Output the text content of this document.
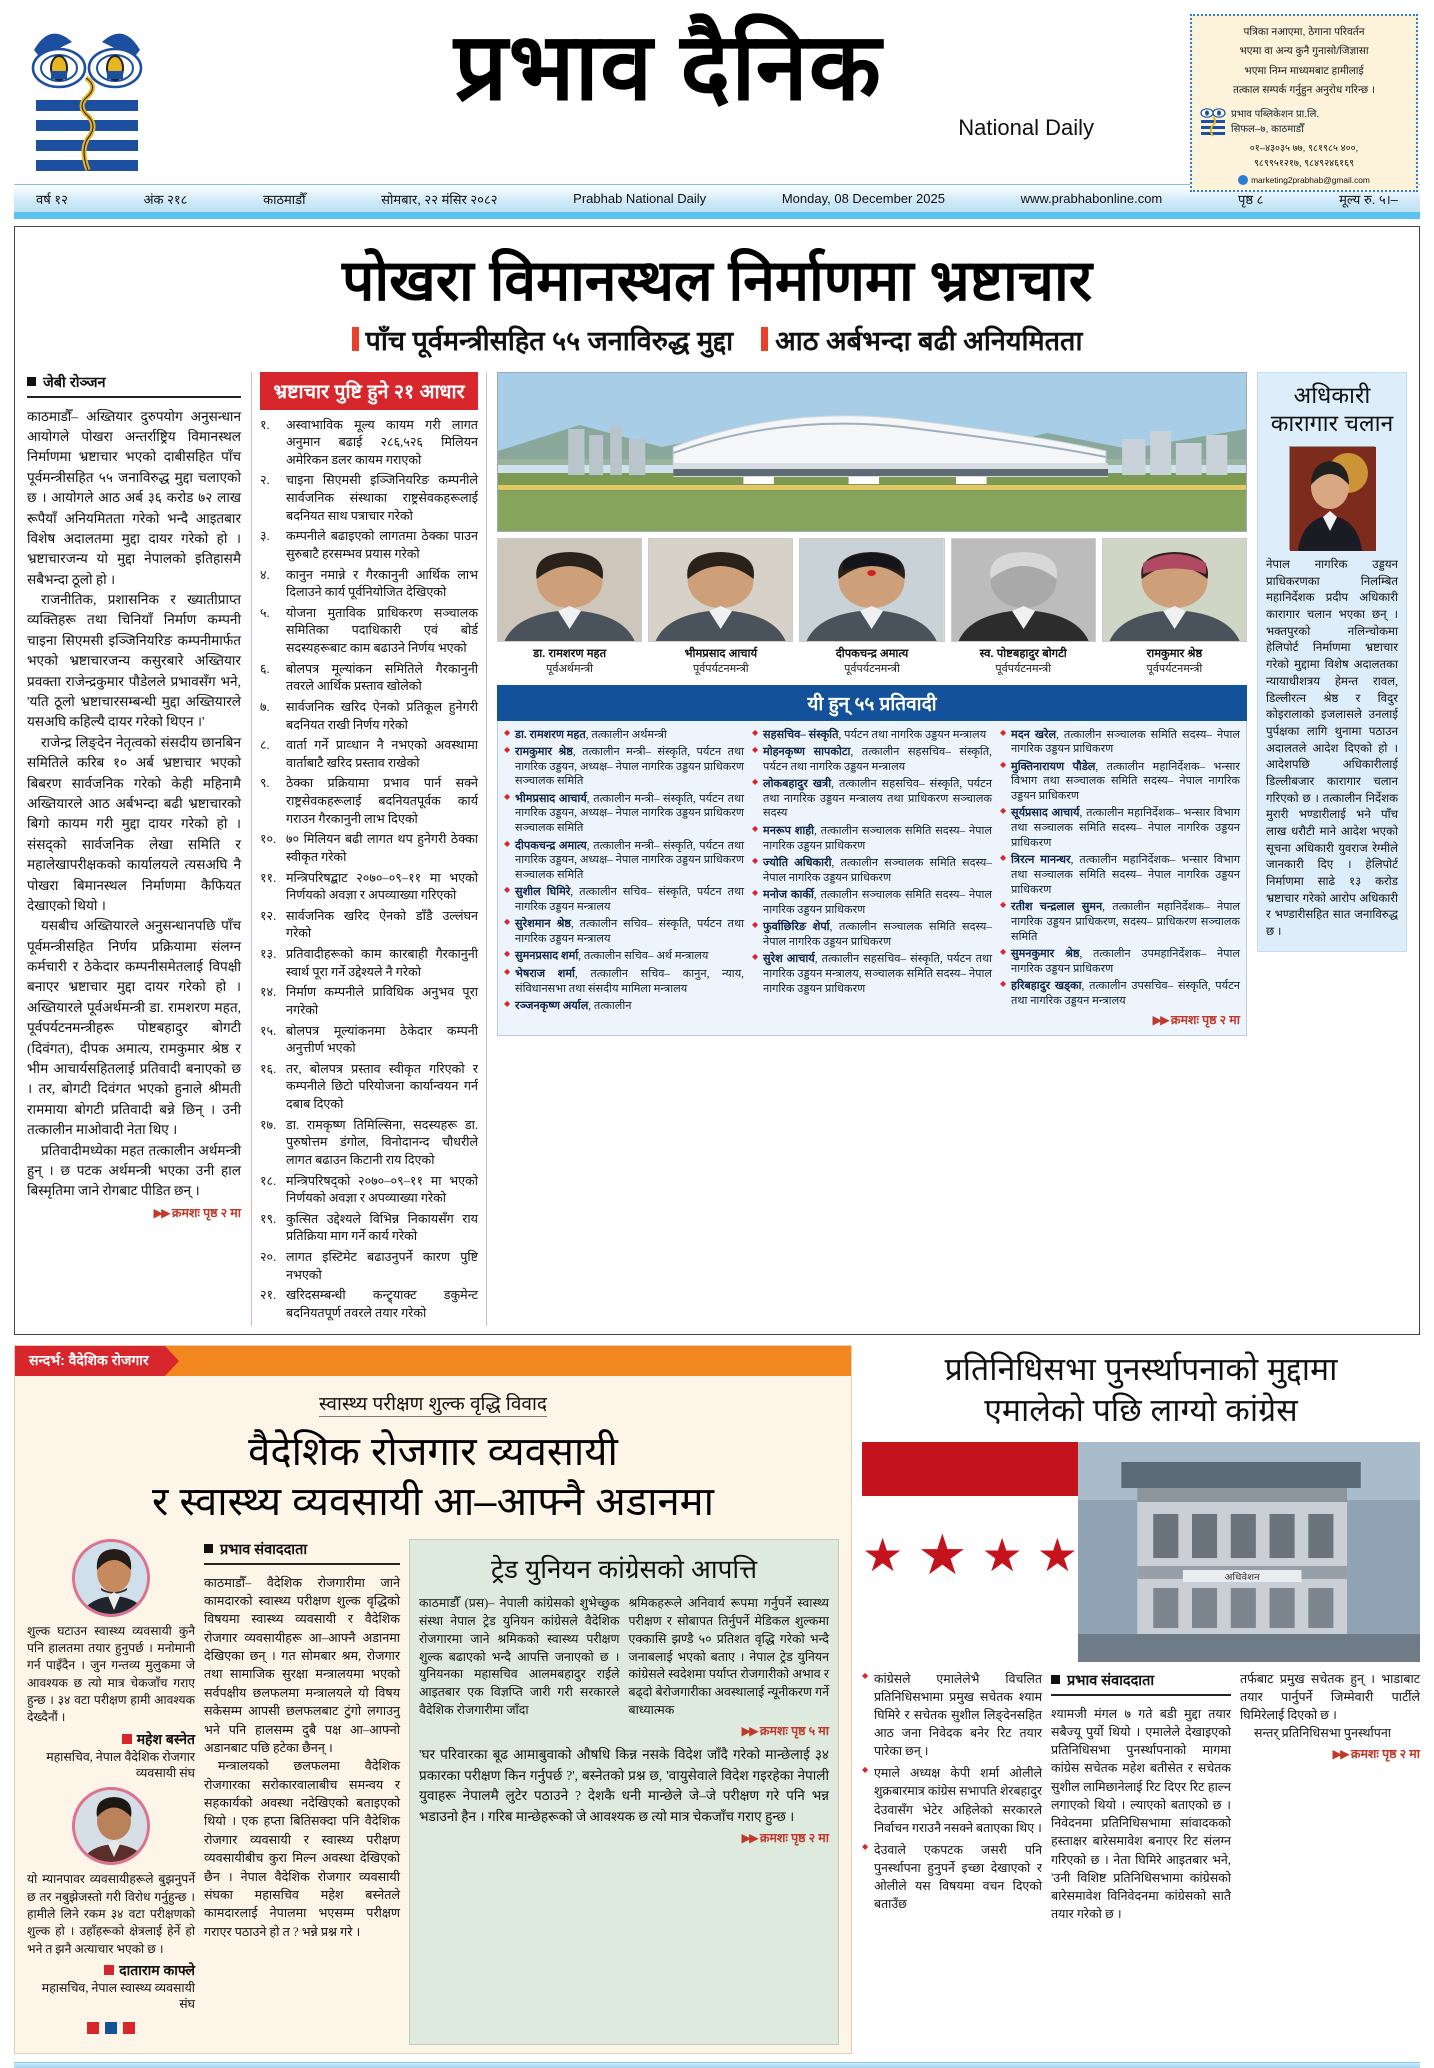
प्रभाव दैनिक
National Daily
पत्रिका नआएमा, ठेगाना परिवर्तन
भएमा वा अन्य कुनै गुनासो/जिज्ञासा
भएमा निम्न माध्यमबाट हामीलाई
तत्काल सम्पर्क गर्नुहुन अनुरोध गरिन्छ ।
प्रभाव पब्लिकेशन प्रा.लि.
सिफल–७, काठमाडौँ
०१–४३०३५ ७७, ९८१९८५ ४००,
९८९९५१२१७, ९८४९२४६१६९
marketing2prabhab@gmail.com
वर्ष १२	अंक २१८	काठमाडौँ	सोमबार, २२ मंसिर २०८२	Prabhab National Daily	Monday, 08 December 2025	www.prabhabonline.com	पृष्ठ ८	मूल्य रु. ५।–
पोखरा विमानस्थल निर्माणमा भ्रष्टाचार
पाँच पूर्वमन्त्रीसहित ५५ जनाविरुद्ध मुद्दा	आठ अर्बभन्दा बढी अनियमितता
जेबी रोञ्जन

काठमाडौँ– अख्तियार दुरुपयोग अनुसन्धान आयोगले पोखरा अन्तर्राष्ट्रिय विमानस्थल निर्माणमा भ्रष्टाचार भएको दाबीसहित पाँच पूर्वमन्त्रीसहित ५५ जनाविरुद्ध मुद्दा चलाएको छ । आयोगले आठ अर्ब ३६ करोड ७२ लाख रूपैयाँ अनियमितता गरेको भन्दै आइतबार विशेष अदालतमा मुद्दा दायर गरेको हो । भ्रष्टाचारजन्य यो मुद्दा नेपालको इतिहासमै सबैभन्दा ठूलो हो ।

राजनीतिक, प्रशासनिक र ख्यातीप्राप्त व्यक्तिहरू तथा चिनियाँ निर्माण कम्पनी चाइना सिएमसी इञ्जिनियरिङ कम्पनीमार्फत भएको भ्रष्टाचारजन्य कसुरबारे अख्तियार प्रवक्ता राजेन्द्रकुमार पौडेलले प्रभावसँग भने, 'यति ठूलो भ्रष्टाचारसम्बन्धी मुद्दा अख्तियारले यसअघि कहिल्यै दायर गरेको थिएन ।'

राजेन्द्र लिङ्देन नेतृत्वको संसदीय छानबिन समितिले करिब १० अर्ब भ्रष्टाचार भएको बिबरण सार्वजनिक गरेको केही महिनामै अख्तियारले आठ अर्बभन्दा बढी भ्रष्टाचारको बिगो कायम गरी मुद्दा दायर गरेको हो । संसद्को सार्वजनिक लेखा समिति र महालेखापरीक्षकको कार्यालयले त्यसअघि नै पोखरा बिमानस्थल निर्माणमा कैफियत देखाएको थियो ।

यसबीच अख्तियारले अनुसन्धानपछि पाँच पूर्वमन्त्रीसहित निर्णय प्रक्रियामा संलग्न कर्मचारी र ठेकेदार कम्पनीसमेतलाई विपक्षी बनाएर भ्रष्टाचार मुद्दा दायर गरेको हो । अख्तियारले पूर्वअर्थमन्त्री डा. रामशरण महत, पूर्वपर्यटनमन्त्रीहरू पोष्टबहादुर बोगटी (दिवंगत), दीपक अमात्य, रामकुमार श्रेष्ठ र भीम आचार्यसहितलाई प्रतिवादी बनाएको छ । तर, बोगटी दिवंगत भएको हुनाले श्रीमती राममाया बोगटी प्रतिवादी बन्ने छिन् । उनी तत्कालीन माओवादी नेता थिए ।

प्रतिवादीमध्येका महत तत्कालीन अर्थमन्त्री हुन् । छ पटक अर्थमन्त्री भएका उनी हाल बिस्मृतिमा जाने रोगबाट पीडित छन् ।

▶▶ क्रमशः पृष्ठ २ मा
भ्रष्टाचार पुष्टि हुने २१ आधार
१.	अस्वाभाविक मूल्य कायम गरी लागत अनुमान बढाई २८६,५२६ मिलियन अमेरिकन डलर कायम गराएको
२.	चाइना सिएमसी इञ्जिनियरिङ कम्पनीले सार्वजनिक संस्थाका राष्ट्रसेवकहरूलाई बदनियत साथ पत्राचार गरेको
३.	कम्पनीले बढाइएको लागतमा ठेक्का पाउन सुरुबाटै हरसम्भव प्रयास गरेको
४.	कानुन नमान्ने र गैरकानुनी आर्थिक लाभ दिलाउने कार्य पूर्वनियोजित देखिएको
५.	योजना मुताविक प्राधिकरण सञ्चालक समितिका पदाधिकारी एवं बोर्ड सदस्यहरूबाट काम बढाउने निर्णय भएको
६.	बोलपत्र मूल्यांकन समितिले गैरकानुनी तवरले आर्थिक प्रस्ताव खोलेको
७.	सार्वजनिक खरिद ऐनको प्रतिकूल हुनेगरी बदनियत राखी निर्णय गरेको
८.	वार्ता गर्ने प्राव्धान नै नभएको अवस्थामा वार्ताबाटै खरिद प्रस्ताव राखेको
९.	ठेक्का प्रक्रियामा प्रभाव पार्न सक्ने राष्ट्रसेवकहरूलाई बदनियतपूर्वक कार्य गराउन गैरकानुनी लाभ दिएको
१०. ७० मिलियन बढी लागत थप हुनेगरी ठेक्का स्वीकृत गरेको
११. मन्त्रिपरिषद्बाट २०७०–०९–११ मा भएको निर्णयको अवज्ञा र अपव्याख्या गरिएको
१२. सार्वजनिक खरिद ऐनको डाँडै उल्लंघन गरेको
१३. प्रतिवादीहरूको काम कारबाही गैरकानुनी स्वार्थ पूरा गर्ने उद्देश्यले नै गरेको
१४. निर्माण कम्पनीले प्राविधिक अनुभव पूरा नगरेको
१५. बोलपत्र मूल्यांकनमा ठेकेदार कम्पनी अनुत्तीर्ण भएको
१६. तर, बोलपत्र प्रस्ताव स्वीकृत गरिएको र कम्पनीले छिटो परियोजना कार्यान्वयन गर्न दबाब दिएको
१७. डा. रामकृष्ण तिमिल्सिना, सदस्यहरू डा. पुरुषोत्तम डंगोल, विनोदानन्द चौधरीले लागत बढाउन किटानी राय दिएको
१८. मन्त्रिपरिषद्को २०७०–०९–११ मा भएको निर्णयको अवज्ञा र अपव्याख्या गरेको
१९. कुत्सित उद्देश्यले विभिन्न निकायसँग राय प्रतिक्रिया माग गर्ने कार्य गरेको
२०. लागत इस्टिमेट बढाउनुपर्ने कारण पुष्टि नभएको
२१. खरिदसम्बन्धी कन्ट्र्याक्ट डकुमेन्ट बदनियतपूर्ण तवरले तयार गरेको
डा. रामशरण महत
पूर्वअर्थमन्त्री
भीमप्रसाद आचार्य
पूर्वपर्यटनमन्त्री
दीपकचन्द्र अमात्य
पूर्वपर्यटनमन्त्री
स्व. पोष्टबहादुर बोगटी
पूर्वपर्यटनमन्त्री
रामकुमार श्रेष्ठ
पूर्वपर्यटनमन्त्री
यी हुन् ५५ प्रतिवादी
◆ डा. रामशरण महत, तत्कालीन अर्थमन्त्री
◆ रामकुमार श्रेष्ठ, तत्कालीन मन्त्री– संस्कृति, पर्यटन तथा नागरिक उड्डयन, अध्यक्ष– नेपाल नागरिक उड्डयन प्राधिकरण सञ्चालक समिति
◆ भीमप्रसाद आचार्य, तत्कालीन मन्त्री– संस्कृति, पर्यटन तथा नागरिक उड्डयन, अध्यक्ष– नेपाल नागरिक उड्डयन प्राधिकरण सञ्चालक समिति
◆ दीपकचन्द्र अमात्य, तत्कालीन मन्त्री– संस्कृति, पर्यटन तथा नागरिक उड्डयन, अध्यक्ष– नेपाल नागरिक उड्डयन प्राधिकरण सञ्चालक समिति
◆ सुशील घिमिरे, तत्कालीन सचिव– संस्कृति, पर्यटन तथा नागरिक उड्डयन मन्त्रालय
◆ सुरेशमान श्रेष्ठ, तत्कालीन सचिव– संस्कृति, पर्यटन तथा नागरिक उड्डयन मन्त्रालय
◆ सुमनप्रसाद शर्मा, तत्कालीन सचिव– अर्थ मन्त्रालय
◆ भेषराज शर्मा, तत्कालीन सचिव– कानुन, न्याय, संविधानसभा तथा संसदीय मामिला मन्त्रालय
◆ रञ्जनकृष्ण अर्याल, तत्कालीन
◆ सहसचिव– संस्कृति, पर्यटन तथा नागरिक उड्डयन मन्त्रालय
◆ मोहनकृष्ण सापकोटा, तत्कालीन सहसचिव– संस्कृति, पर्यटन तथा नागरिक उड्डयन मन्त्रालय
◆ लोकबहादुर खत्री, तत्कालीन सहसचिव– संस्कृति, पर्यटन तथा नागरिक उड्डयन मन्त्रालय तथा प्राधिकरण सञ्चालक सदस्य
◆ मनरूप शाही, तत्कालीन सञ्चालक समिति सदस्य– नेपाल नागरिक उड्डयन प्राधिकरण
◆ ज्योति अधिकारी, तत्कालीन सञ्चालक समिति सदस्य– नेपाल नागरिक उड्डयन प्राधिकरण
◆ मनोज कार्की, तत्कालीन सञ्चालक समिति सदस्य– नेपाल नागरिक उड्डयन प्राधिकरण
◆ फुर्वाछिरिङ शेर्पा, तत्कालीन सञ्चालक समिति सदस्य– नेपाल नागरिक उड्डयन प्राधिकरण
◆ सुरेश आचार्य, तत्कालीन सहसचिव– संस्कृति, पर्यटन तथा नागरिक उड्डयन मन्त्रालय, सञ्चालक समिति सदस्य– नेपाल नागरिक उड्डयन प्राधिकरण
◆ मदन खरेल, तत्कालीन सञ्चालक समिति सदस्य– नेपाल नागरिक उड्डयन प्राधिकरण
◆ मुक्तिनारायण पौडेल, तत्कालीन महानिर्देशक– भन्सार विभाग तथा सञ्चालक समिति सदस्य– नेपाल नागरिक उड्डयन प्राधिकरण
◆ सूर्यप्रसाद आचार्य, तत्कालीन महानिर्देशक– भन्सार विभाग तथा सञ्चालक समिति सदस्य– नेपाल नागरिक उड्डयन प्राधिकरण
◆ त्रिरत्न मानन्धर, तत्कालीन महानिर्देशक– भन्सार विभाग तथा सञ्चालक समिति सदस्य– नेपाल नागरिक उड्डयन प्राधिकरण
◆ रतीश चन्द्रलाल सुमन, तत्कालीन महानिर्देशक– नेपाल नागरिक उड्डयन प्राधिकरण, सदस्य– प्राधिकरण सञ्चालक समिति
◆ सुमनकुमार श्रेष्ठ, तत्कालीन उपमहानिर्देशक– नेपाल नागरिक उड्डयन प्राधिकरण
◆ हरिबहादुर खड्का, तत्कालीन उपसचिव– संस्कृति, पर्यटन तथा नागरिक उड्डयन मन्त्रालय
▶▶ क्रमशः पृष्ठ २ मा
अधिकारी
कारागार चलान
नेपाल नागरिक उड्डयन प्राधिकरणका निलम्बित महानिर्देशक प्रदीप अधिकारी कारागार चलान भएका छन् । भक्तपुरको नलिन्चोकमा हेलिपोर्ट निर्माणमा भ्रष्टाचार गरेको मुद्दामा विशेष अदालतका न्यायाधीशत्रय हेमन्त रावल, डिल्लीरत्न श्रेष्ठ र विदुर कोइरालाको इजलासले उनलाई पुर्पक्षका लागि थुनामा पठाउन अदालतले आदेश दिएको हो । आदेशपछि अधिकारीलाई डिल्लीबजार कारागार चलान गरिएको छ । तत्कालीन निर्देशक मुरारी भण्डारीलाई भने पाँच लाख धरौटी माने आदेश भएको सूचना अधिकारी युवराज रेग्मीले जानकारी दिए । हेलिपोर्ट निर्माणमा साढे १३ करोड भ्रष्टाचार गरेको आरोप अधिकारी र भण्डारीसहित सात जनाविरुद्ध छ ।
सन्दर्भ: वैदेशिक रोजगार
स्वास्थ्य परीक्षण शुल्क वृद्धि विवाद
वैदेशिक रोजगार व्यवसायी
र स्वास्थ्य व्यवसायी आ–आफ्नै अडानमा
शुल्क घटाउन स्वास्थ्य व्यवसायी कुनै पनि हालतमा तयार हुनुपर्छ । मनोमानी गर्न पाइँदैन । जुन गन्तव्य मुलुकमा जे आवश्यक छ त्यो मात्र चेकजाँच गराए हुन्छ । ३४ वटा परीक्षण हामी आवश्यक देख्दैनौं ।
महेश बस्नेत
महासचिव, नेपाल वैदेशिक रोजगार व्यवसायी संघ
यो म्यानपावर व्यवसायीहरूले बुझनुपर्ने छ तर नबुझेजस्तो गरी विरोध गर्नुहुन्छ । हामीले लिने रकम ३४ वटा परीक्षणको शुल्क हो । उहाँहरूको क्षेत्रलाई हेर्ने हो भने त झनै अत्याचार भएको छ ।
दाताराम काफ्ले
महासचिव, नेपाल स्वास्थ्य व्यवसायी संघ
प्रभाव संवाददाता

काठमाडौँ– वैदेशिक रोजगारीमा जाने कामदारको स्वास्थ्य परीक्षण शुल्क वृद्धिको विषयमा स्वास्थ्य व्यवसायी र वैदेशिक रोजगार व्यवसायीहरू आ–आफ्नै अडानमा देखिएका छन् । गत सोमबार श्रम, रोजगार तथा सामाजिक सुरक्षा मन्त्रालयमा भएको सर्वपक्षीय छलफलमा मन्त्रालयले यो विषय सकेसम्म आपसी छलफलबाट टुंगो लगाउनु भने पनि हालसम्म दुबै पक्ष आ–आफ्नो अडानबाट पछि हटेका छैनन् ।

मन्त्रालयको छलफलमा वैदेशिक रोजगारका सरोकारवालाबीच समन्वय र सहकार्यको अवस्था नदेखिएको बताइएको थियो । एक हप्ता बितिसक्दा पनि वैदेशिक रोजगार व्यवसायी र स्वास्थ्य परीक्षण व्यवसायीबीच कुरा मिल्न अवस्था देखिएको छैन । नेपाल वैदेशिक रोजगार व्यवसायी संघका महासचिव महेश बस्नेतले कामदारलाई नेपालमा भएसम्म परीक्षण गराएर पठाउने हो त ? भन्ने प्रश्न गरे ।

ट्रेड युनियन कांग्रेसको आपत्ति

काठमाडौँ (प्रस)– नेपाली कांग्रेसको शुभेच्छुक संस्था नेपाल ट्रेड युनियन कांग्रेसले वैदेशिक रोजगारमा जाने श्रमिकको स्वास्थ्य परीक्षण शुल्क बढाएको भन्दै आपत्ति जनाएको छ । युनियनका महासचिव आलमबहादुर राईले आइतबार एक विज्ञप्ति जारी गरी सरकारले वैदेशिक रोजगारीमा जाँदा

श्रमिकहरूले अनिवार्य रूपमा गर्नुपर्ने स्वास्थ्य परीक्षण र सोबापत तिर्नुपर्ने मेडिकल शुल्कमा एक्कासि झण्डै ५० प्रतिशत वृद्धि गरेको भन्दै जनाबलाई भएको बताए । नेपाल ट्रेड युनियन कांग्रेसले स्वदेशमा पर्याप्त रोजगारीको अभाव र बढ्दो बेरोजगारीका अवस्थालाई न्यूनीकरण गर्ने बाध्यात्मक

▶▶ क्रमशः पृष्ठ ५ मा

'घर परिवारका बूढ आमाबुवाको औषधि किन्न नसके विदेश जाँदै गरेको मान्छेलाई ३४ प्रकारका परीक्षण किन गर्नुपर्छ ?', बस्नेतको प्रश्न छ, 'वायुसेवाले विदेश गइरहेका नेपाली युवाहरू नेपालमै लुटेर पठाउने ? देशकै धनी मान्छेले जे–जे परीक्षण गरे पनि भन्न भडाउनो हैन । गरिब मान्छेहरूको जे आवश्यक छ त्यो मात्र चेकजाँच गराए हुन्छ ।

▶▶ क्रमशः पृष्ठ २ मा
प्रतिनिधिसभा पुनर्स्थापनाको मुद्दामा
एमालेको पछि लाग्यो कांग्रेस
★ ★ ★ ★	अधिवेशन
◆ कांग्रेसले एमालेलेभै विचलित प्रतिनिधिसभामा प्रमुख सचेतक श्याम घिमिरे र सचेतक सुशील लिङ्देनसहित आठ जना निवेदक बनेर रिट तयार पारेका छन् ।
◆ एमाले अध्यक्ष केपी शर्मा ओलीले शुक्रबारमात्र कांग्रेस सभापति शेरबहादुर देउवासँग भेटेर अहिलेको सरकारले निर्वाचन गराउनै नसक्ने बताएका थिए ।
◆ देउवाले एकपटक जसरी पनि पुनर्स्थापना हुनुपर्ने इच्छा देखाएको र ओलीले यस विषयमा वचन दिएको बताउँछ
प्रभाव संवाददाता

श्यामजी मंगल ७ गते बडी मुद्दा तयार सबैज्यू पुर्याे थियो । एमालेले देखाइएको प्रतिनिधिसभा पुनर्स्थापनाको मागमा कांग्रेस सचेतक महेश बतीसेत र सचेतक सुशील लामिछानेलाई रिट दिएर रिट हाल्न लगाएको थियो । ल्याएको बताएको छ । निवेदनमा प्रतिनिधिसभामा सांवादकको हस्ताक्षर बारेसमावेश बनाएर रिट संलग्न गरिएको छ । नेता घिमिरे आइतबार भने, 'उनी विशिष्ट प्रतिनिधिसभामा कांग्रेसको बारेसमावेश विनिवेदनमा कांग्रेसको सातै तयार गरेको छ ।

तर्फबाट प्रमुख सचेतक हुन् । भाडाबाट तयार पार्नुपर्ने जिम्मेवारी पार्टीले घिमिरेलाई दिएको छ ।

सन्तर् प्रतिनिधिसभा पुनर्स्थापना

▶▶ क्रमशः पृष्ठ २ मा
